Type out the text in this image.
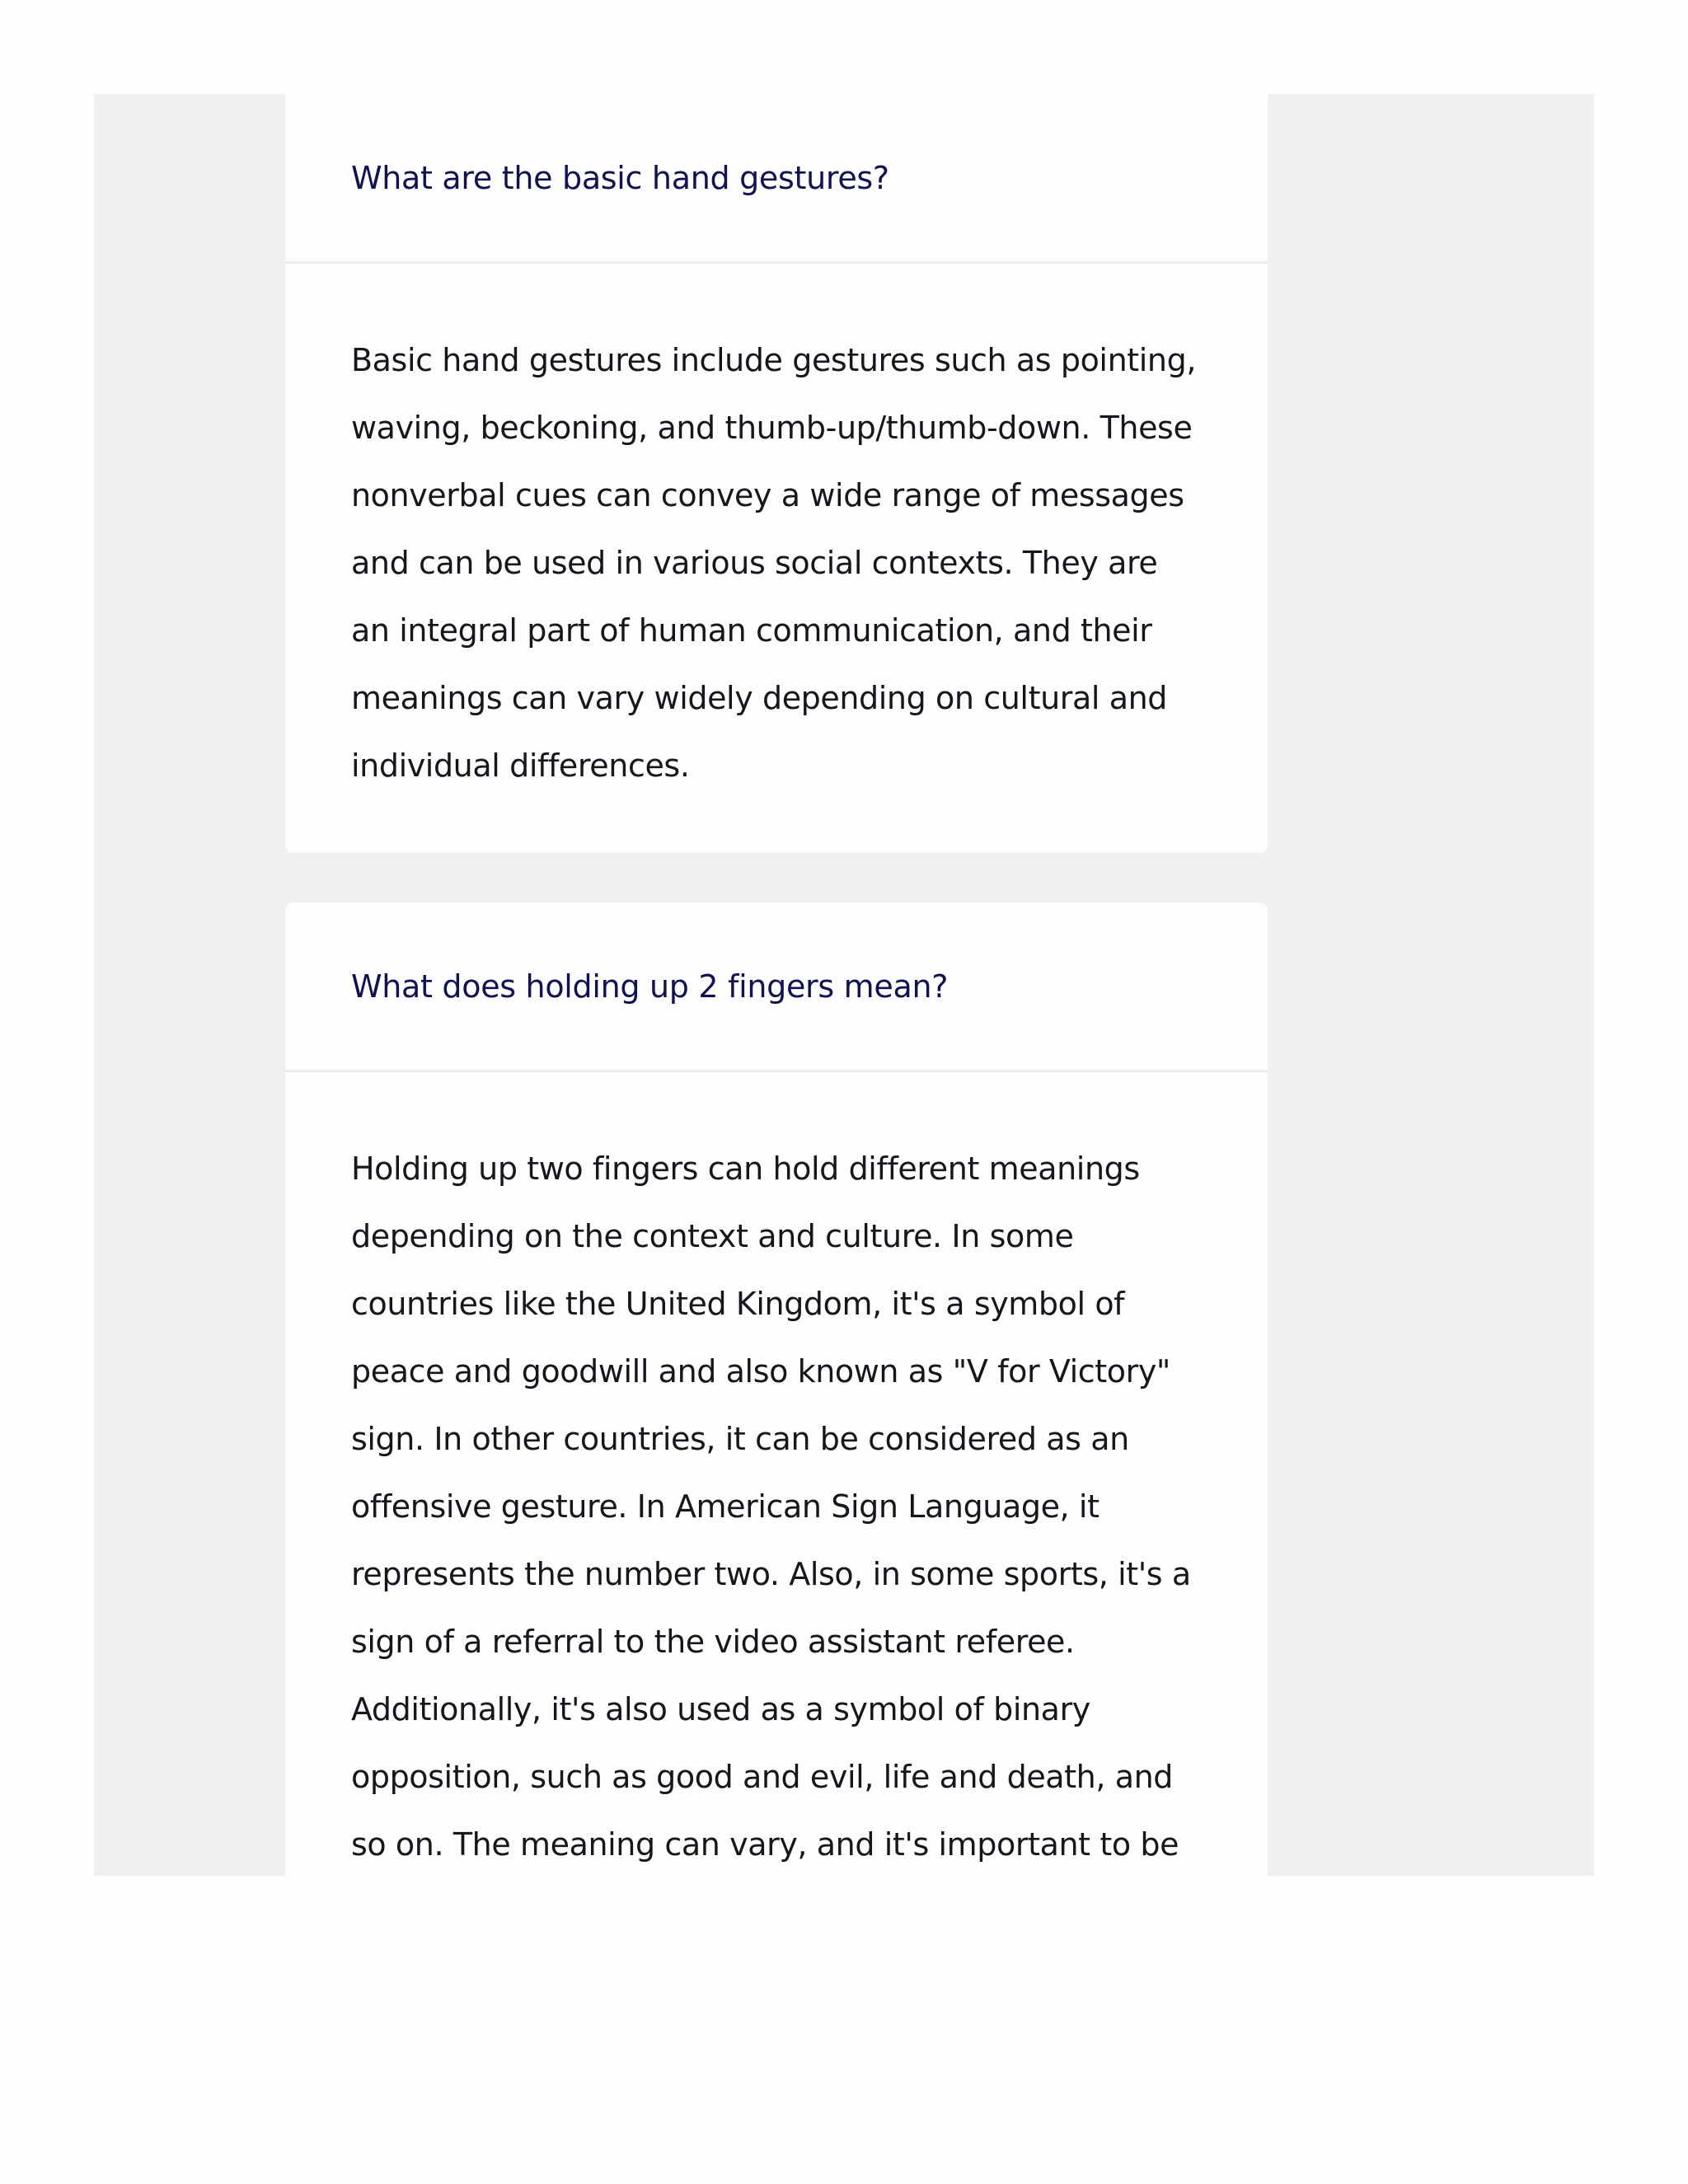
What are the basic hand gestures?

Basic hand gestures include gestures such as pointing, waving, beckoning, and thumb-up/thumb-down. These nonverbal cues can convey a wide range of messages and can be used in various social contexts. They are an integral part of human communication, and their meanings can vary widely depending on cultural and individual differences.

What does holding up 2 fingers mean?

Holding up two fingers can hold different meanings depending on the context and culture. In some countries like the United Kingdom, it's a symbol of peace and goodwill and also known as "V for Victory" sign. In other countries, it can be considered as an offensive gesture. In American Sign Language, it represents the number two. Also, in some sports, it's a sign of a referral to the video assistant referee. Additionally, it's also used as a symbol of binary opposition, such as good and evil, life and death, and so on. The meaning can vary, and it's important to be
